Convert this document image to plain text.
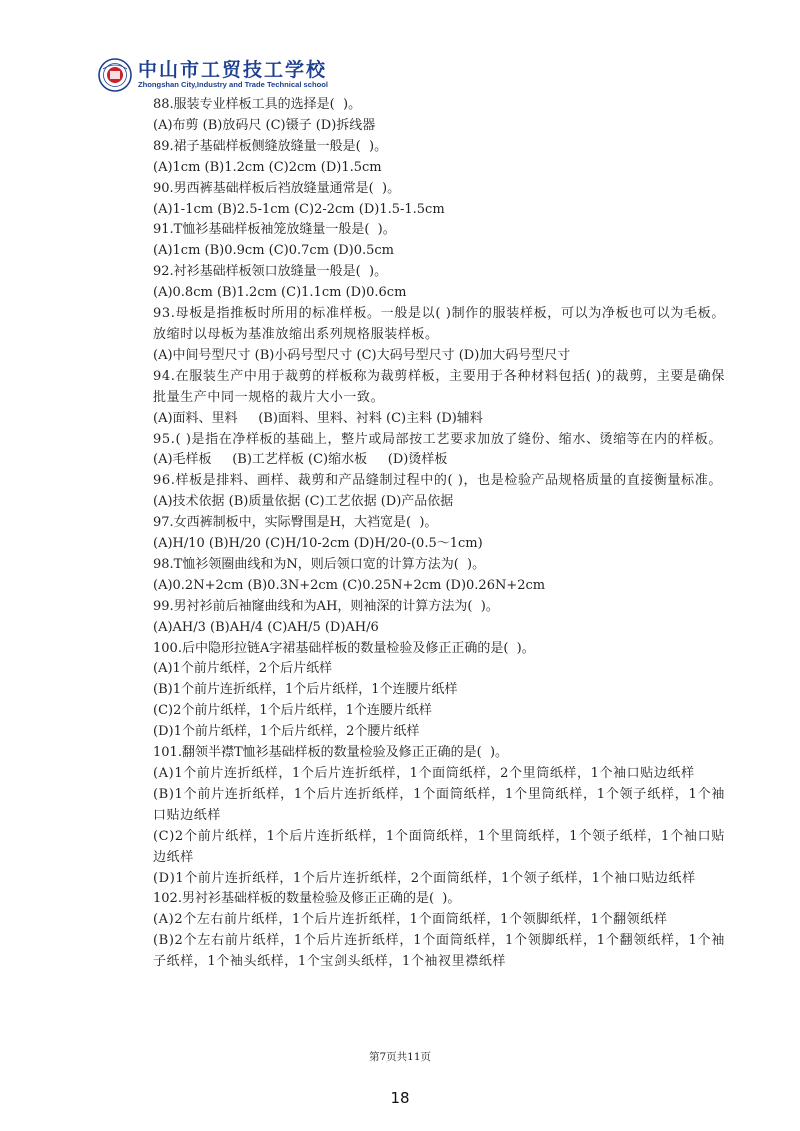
中山市工贸技工学校
Zhongshan City,Industry and Trade Technical school

88.服装专业样板工具的选择是(  )。

(A)布剪 (B)放码尺 (C)镊子 (D)拆线器

89.裙子基础样板侧缝放缝量一般是(  )。

(A)1cm (B)1.2cm (C)2cm (D)1.5cm

90.男西裤基础样板后裆放缝量通常是(  )。

(A)1-1cm (B)2.5-1cm (C)2-2cm (D)1.5-1.5cm

91.T恤衫基础样板袖笼放缝量一般是(  )。

(A)1cm (B)0.9cm (C)0.7cm (D)0.5cm

92.衬衫基础样板领口放缝量一般是(  )。

(A)0.8cm (B)1.2cm (C)1.1cm (D)0.6cm

93.母板是指推板时所用的标准样板。一般是以( )制作的服装样板，可以为净板也可以为毛板。放缩时以母板为基准放缩出系列规格服装样板。

(A)中间号型尺寸 (B)小码号型尺寸 (C)大码号型尺寸 (D)加大码号型尺寸

94.在服装生产中用于裁剪的样板称为裁剪样板，主要用于各种材料包括( )的裁剪，主要是确保批量生产中同一规格的裁片大小一致。

(A)面料、里料     (B)面料、里料、衬料 (C)主料 (D)辅料

95.( )是指在净样板的基础上，整片或局部按工艺要求加放了缝份、缩水、烫缩等在内的样板。

(A)毛样板     (B)工艺样板 (C)缩水板     (D)烫样板

96.样板是排料、画样、裁剪和产品缝制过程中的( )，也是检验产品规格质量的直接衡量标准。

(A)技术依据 (B)质量依据 (C)工艺依据 (D)产品依据

97.女西裤制板中，实际臀围是H，大裆宽是(  )。

(A)H/10 (B)H/20 (C)H/10-2cm (D)H/20-(0.5～1cm)

98.T恤衫领圈曲线和为N，则后领口宽的计算方法为(  )。

(A)0.2N+2cm (B)0.3N+2cm (C)0.25N+2cm (D)0.26N+2cm

99.男衬衫前后袖窿曲线和为AH，则袖深的计算方法为(  )。

(A)AH/3 (B)AH/4 (C)AH/5 (D)AH/6

100.后中隐形拉链A字裙基础样板的数量检验及修正正确的是(  )。

(A)1个前片纸样，2个后片纸样

(B)1个前片连折纸样，1个后片纸样，1个连腰片纸样

(C)2个前片纸样，1个后片纸样，1个连腰片纸样

(D)1个前片纸样，1个后片纸样，2个腰片纸样

101.翻领半襟T恤衫基础样板的数量检验及修正正确的是(  )。

(A)1个前片连折纸样，1个后片连折纸样，1个面筒纸样，2个里筒纸样，1个袖口贴边纸样

(B)1个前片连折纸样，1个后片连折纸样，1个面筒纸样，1个里筒纸样，1个领子纸样，1个袖口贴边纸样

(C)2个前片纸样，1个后片连折纸样，1个面筒纸样，1个里筒纸样，1个领子纸样，1个袖口贴边纸样

(D)1个前片连折纸样，1个后片连折纸样，2个面筒纸样，1个领子纸样，1个袖口贴边纸样

102.男衬衫基础样板的数量检验及修正正确的是(  )。

(A)2个左右前片纸样，1个后片连折纸样，1个面筒纸样，1个领脚纸样，1个翻领纸样

(B)2个左右前片纸样，1个后片连折纸样，1个面筒纸样，1个领脚纸样，1个翻领纸样，1个袖子纸样，1个袖头纸样，1个宝剑头纸样，1个袖衩里襟纸样

第7页共11页
18
